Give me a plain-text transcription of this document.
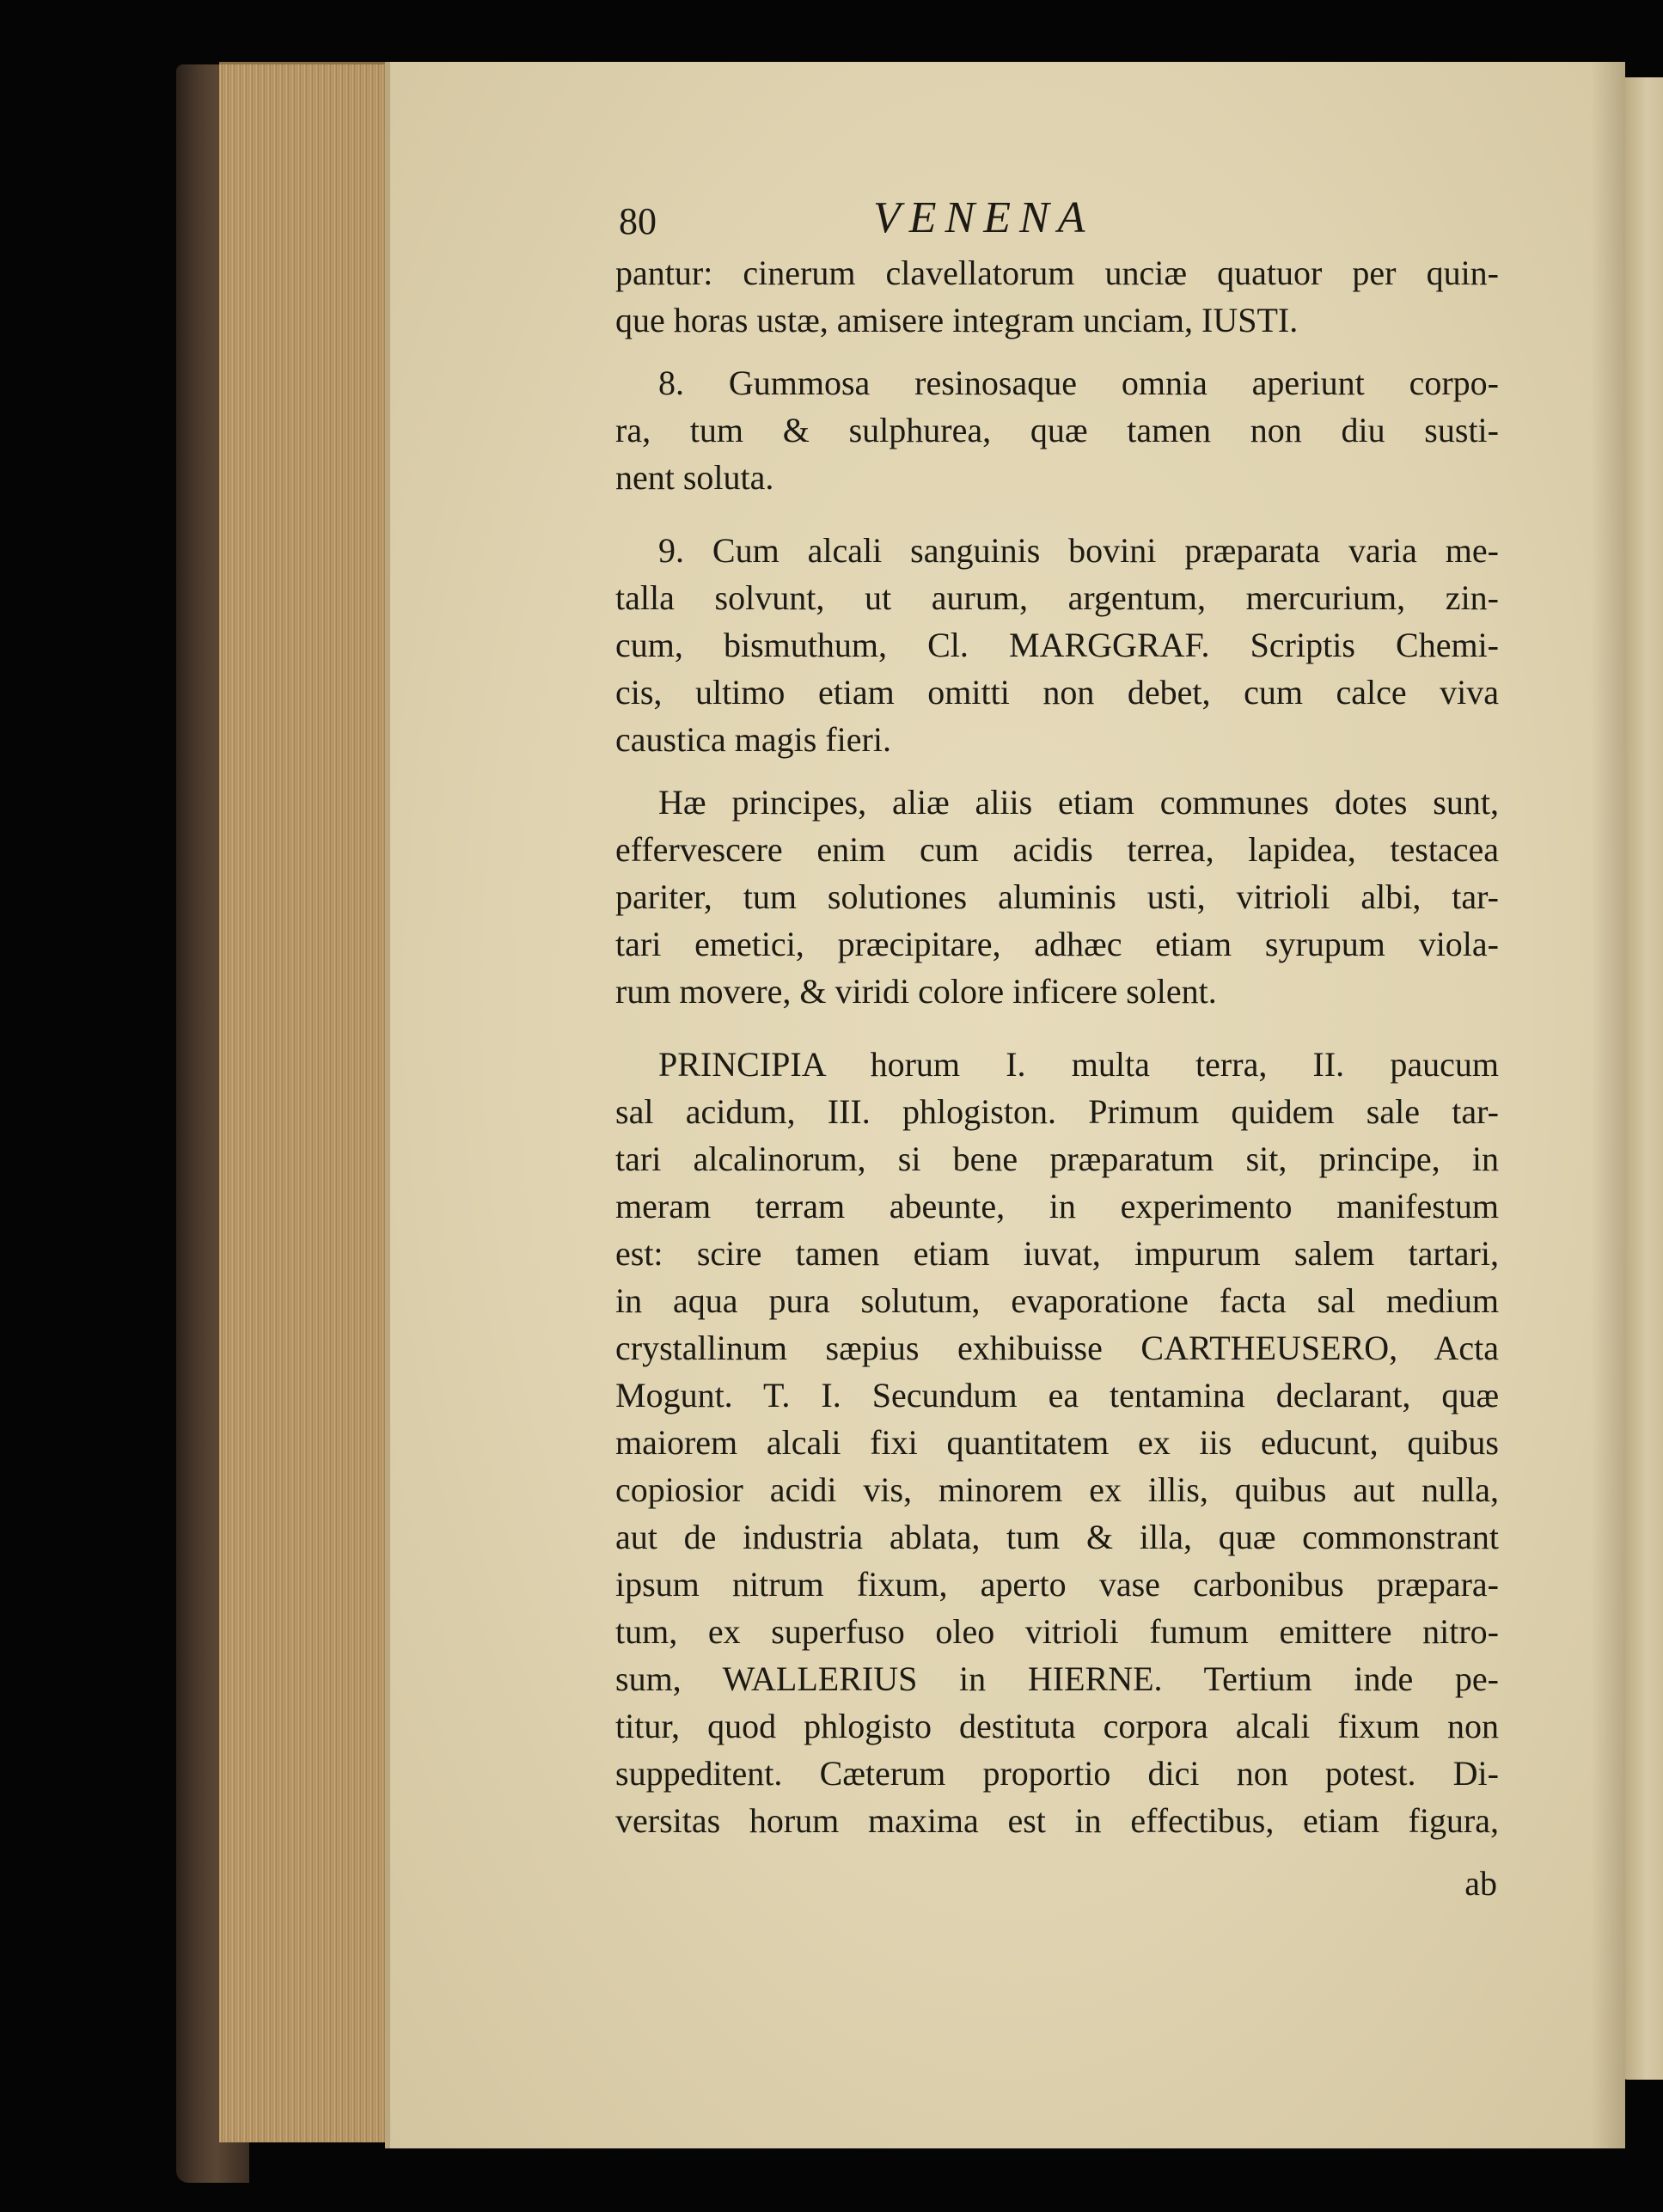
80	VENENA
pantur: cinerum clavellatorum unciæ quatuor per quin-
que horas ustæ, amisere integram unciam, IUSTI.
8. Gummosa resinosaque omnia aperiunt corpo-
ra, tum & sulphurea, quæ tamen non diu susti-
nent soluta.
9. Cum alcali sanguinis bovini præparata varia me-
talla solvunt, ut aurum, argentum, mercurium, zin-
cum, bismuthum, Cl. MARGGRAF. Scriptis Chemi-
cis, ultimo etiam omitti non debet, cum calce viva
caustica magis fieri.
Hæ principes, aliæ aliis etiam communes dotes sunt,
effervescere enim cum acidis terrea, lapidea, testacea
pariter, tum solutiones aluminis usti, vitrioli albi, tar-
tari emetici, præcipitare, adhæc etiam syrupum viola-
rum movere, & viridi colore inficere solent.
PRINCIPIA horum I. multa terra, II. paucum
sal acidum, III. phlogiston. Primum quidem sale tar-
tari alcalinorum, si bene præparatum sit, principe, in
meram terram abeunte, in experimento manifestum
est: scire tamen etiam iuvat, impurum salem tartari,
in aqua pura solutum, evaporatione facta sal medium
crystallinum sæpius exhibuisse CARTHEUSERO, Acta
Mogunt. T. I. Secundum ea tentamina declarant, quæ
maiorem alcali fixi quantitatem ex iis educunt, quibus
copiosior acidi vis, minorem ex illis, quibus aut nulla,
aut de industria ablata, tum & illa, quæ commonstrant
ipsum nitrum fixum, aperto vase carbonibus præpara-
tum, ex superfuso oleo vitrioli fumum emittere nitro-
sum, WALLERIUS in HIERNE. Tertium inde pe-
titur, quod phlogisto destituta corpora alcali fixum non
suppeditent. Cæterum proportio dici non potest. Di-
versitas horum maxima est in effectibus, etiam figura,
ab
